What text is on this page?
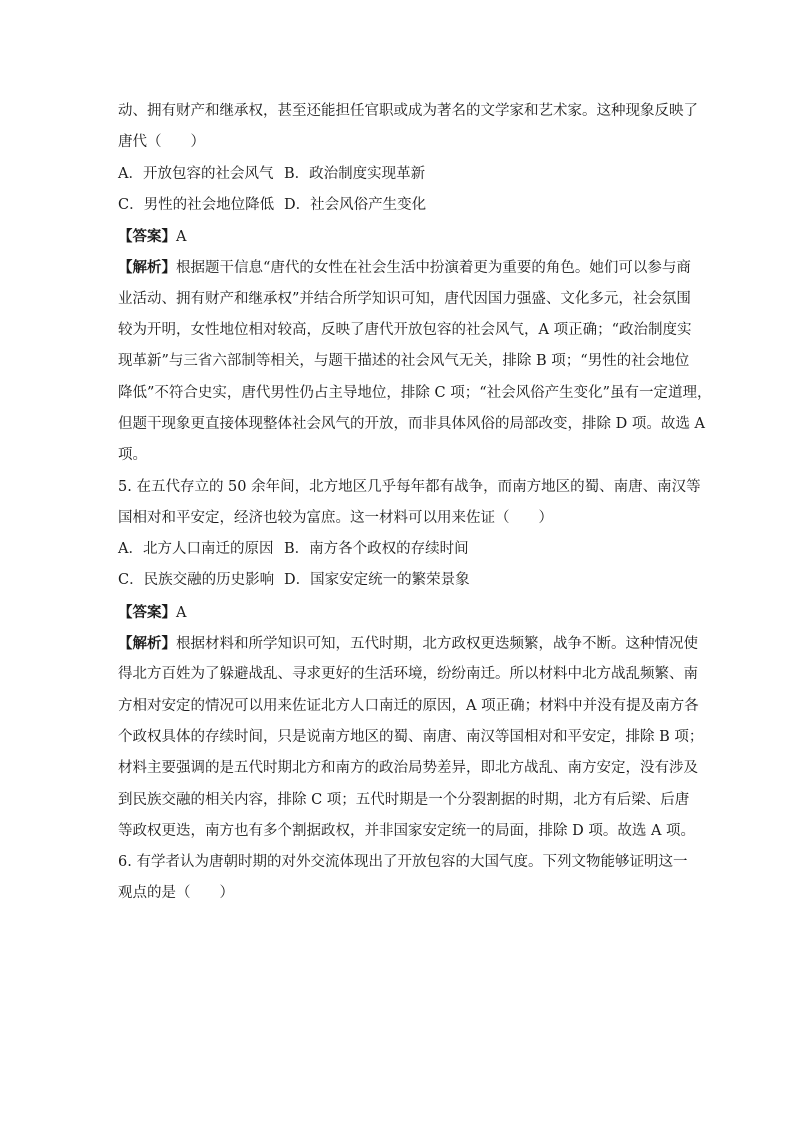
动、拥有财产和继承权，甚至还能担任官职或成为著名的文学家和艺术家。这种现象反映了
唐代（　　）
A．开放包容的社会风气 B．政治制度实现革新
C．男性的社会地位降低 D．社会风俗产生变化
【答案】A
【解析】根据题干信息“唐代的女性在社会生活中扮演着更为重要的角色。她们可以参与商
业活动、拥有财产和继承权”并结合所学知识可知，唐代因国力强盛、文化多元，社会氛围
较为开明，女性地位相对较高，反映了唐代开放包容的社会风气，A 项正确；“政治制度实
现革新”与三省六部制等相关，与题干描述的社会风气无关，排除 B 项；“男性的社会地位
降低”不符合史实，唐代男性仍占主导地位，排除 C 项；“社会风俗产生变化”虽有一定道理，
但题干现象更直接体现整体社会风气的开放，而非具体风俗的局部改变，排除 D 项。故选 A
项。
5. 在五代存立的 50 余年间，北方地区几乎每年都有战争，而南方地区的蜀、南唐、南汉等
国相对和平安定，经济也较为富庶。这一材料可以用来佐证（　　）
A．北方人口南迁的原因 B．南方各个政权的存续时间
C．民族交融的历史影响 D．国家安定统一的繁荣景象
【答案】A
【解析】根据材料和所学知识可知，五代时期，北方政权更迭频繁，战争不断。这种情况使
得北方百姓为了躲避战乱、寻求更好的生活环境，纷纷南迁。所以材料中北方战乱频繁、南
方相对安定的情况可以用来佐证北方人口南迁的原因，A 项正确；材料中并没有提及南方各
个政权具体的存续时间，只是说南方地区的蜀、南唐、南汉等国相对和平安定，排除 B 项；
材料主要强调的是五代时期北方和南方的政治局势差异，即北方战乱、南方安定，没有涉及
到民族交融的相关内容，排除 C 项；五代时期是一个分裂割据的时期，北方有后梁、后唐
等政权更迭，南方也有多个割据政权，并非国家安定统一的局面，排除 D 项。故选 A 项。
6. 有学者认为唐朝时期的对外交流体现出了开放包容的大国气度。下列文物能够证明这一
观点的是（　　）
